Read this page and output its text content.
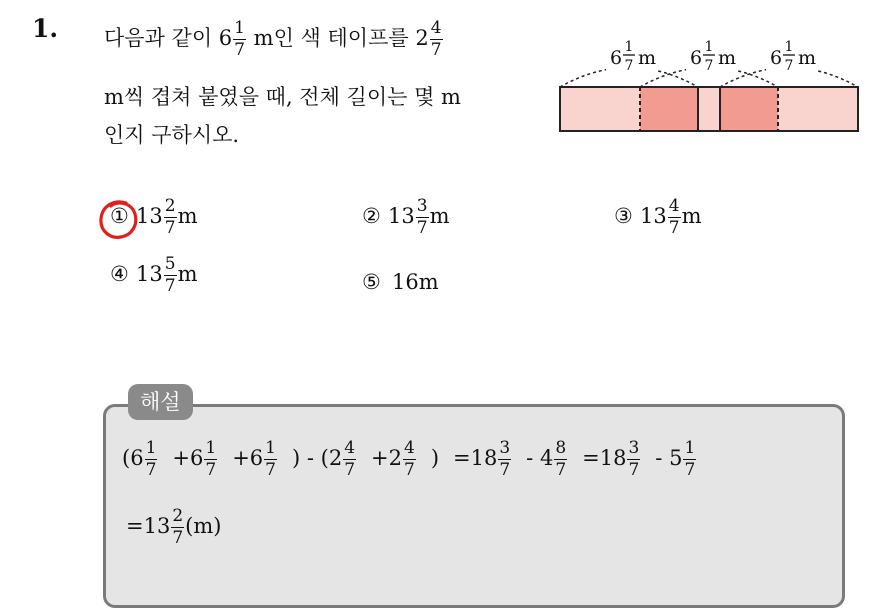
1. 다음과 같이 $6 \frac{1}{7}$ m인 색 테이프를 $2 \frac{4}{7}$
m씩 겹쳐 붙였을 때, 전체 길이는 몇 m
인지 구하시오.
6 1
7 m 6 1
7 m 6 1
7 m
① $13 \frac{2}{7}$ m	② $13 \frac{3}{7}$ m	③ $13 \frac{4}{7}$ m
④ $13 \frac{5}{7}$ m	⑤ 16m
해설
($6 \frac{1}{7} +6 \frac{1}{7} +6 \frac{1}{7}$ ) - ($2 \frac{4}{7} +2 \frac{4}{7}$ ) $=18 \frac{3}{7} - 4 \frac{8}{7} =18 \frac{3}{7} - 5 \frac{1}{7}$
$=13 \frac{2}{7} (m)$
